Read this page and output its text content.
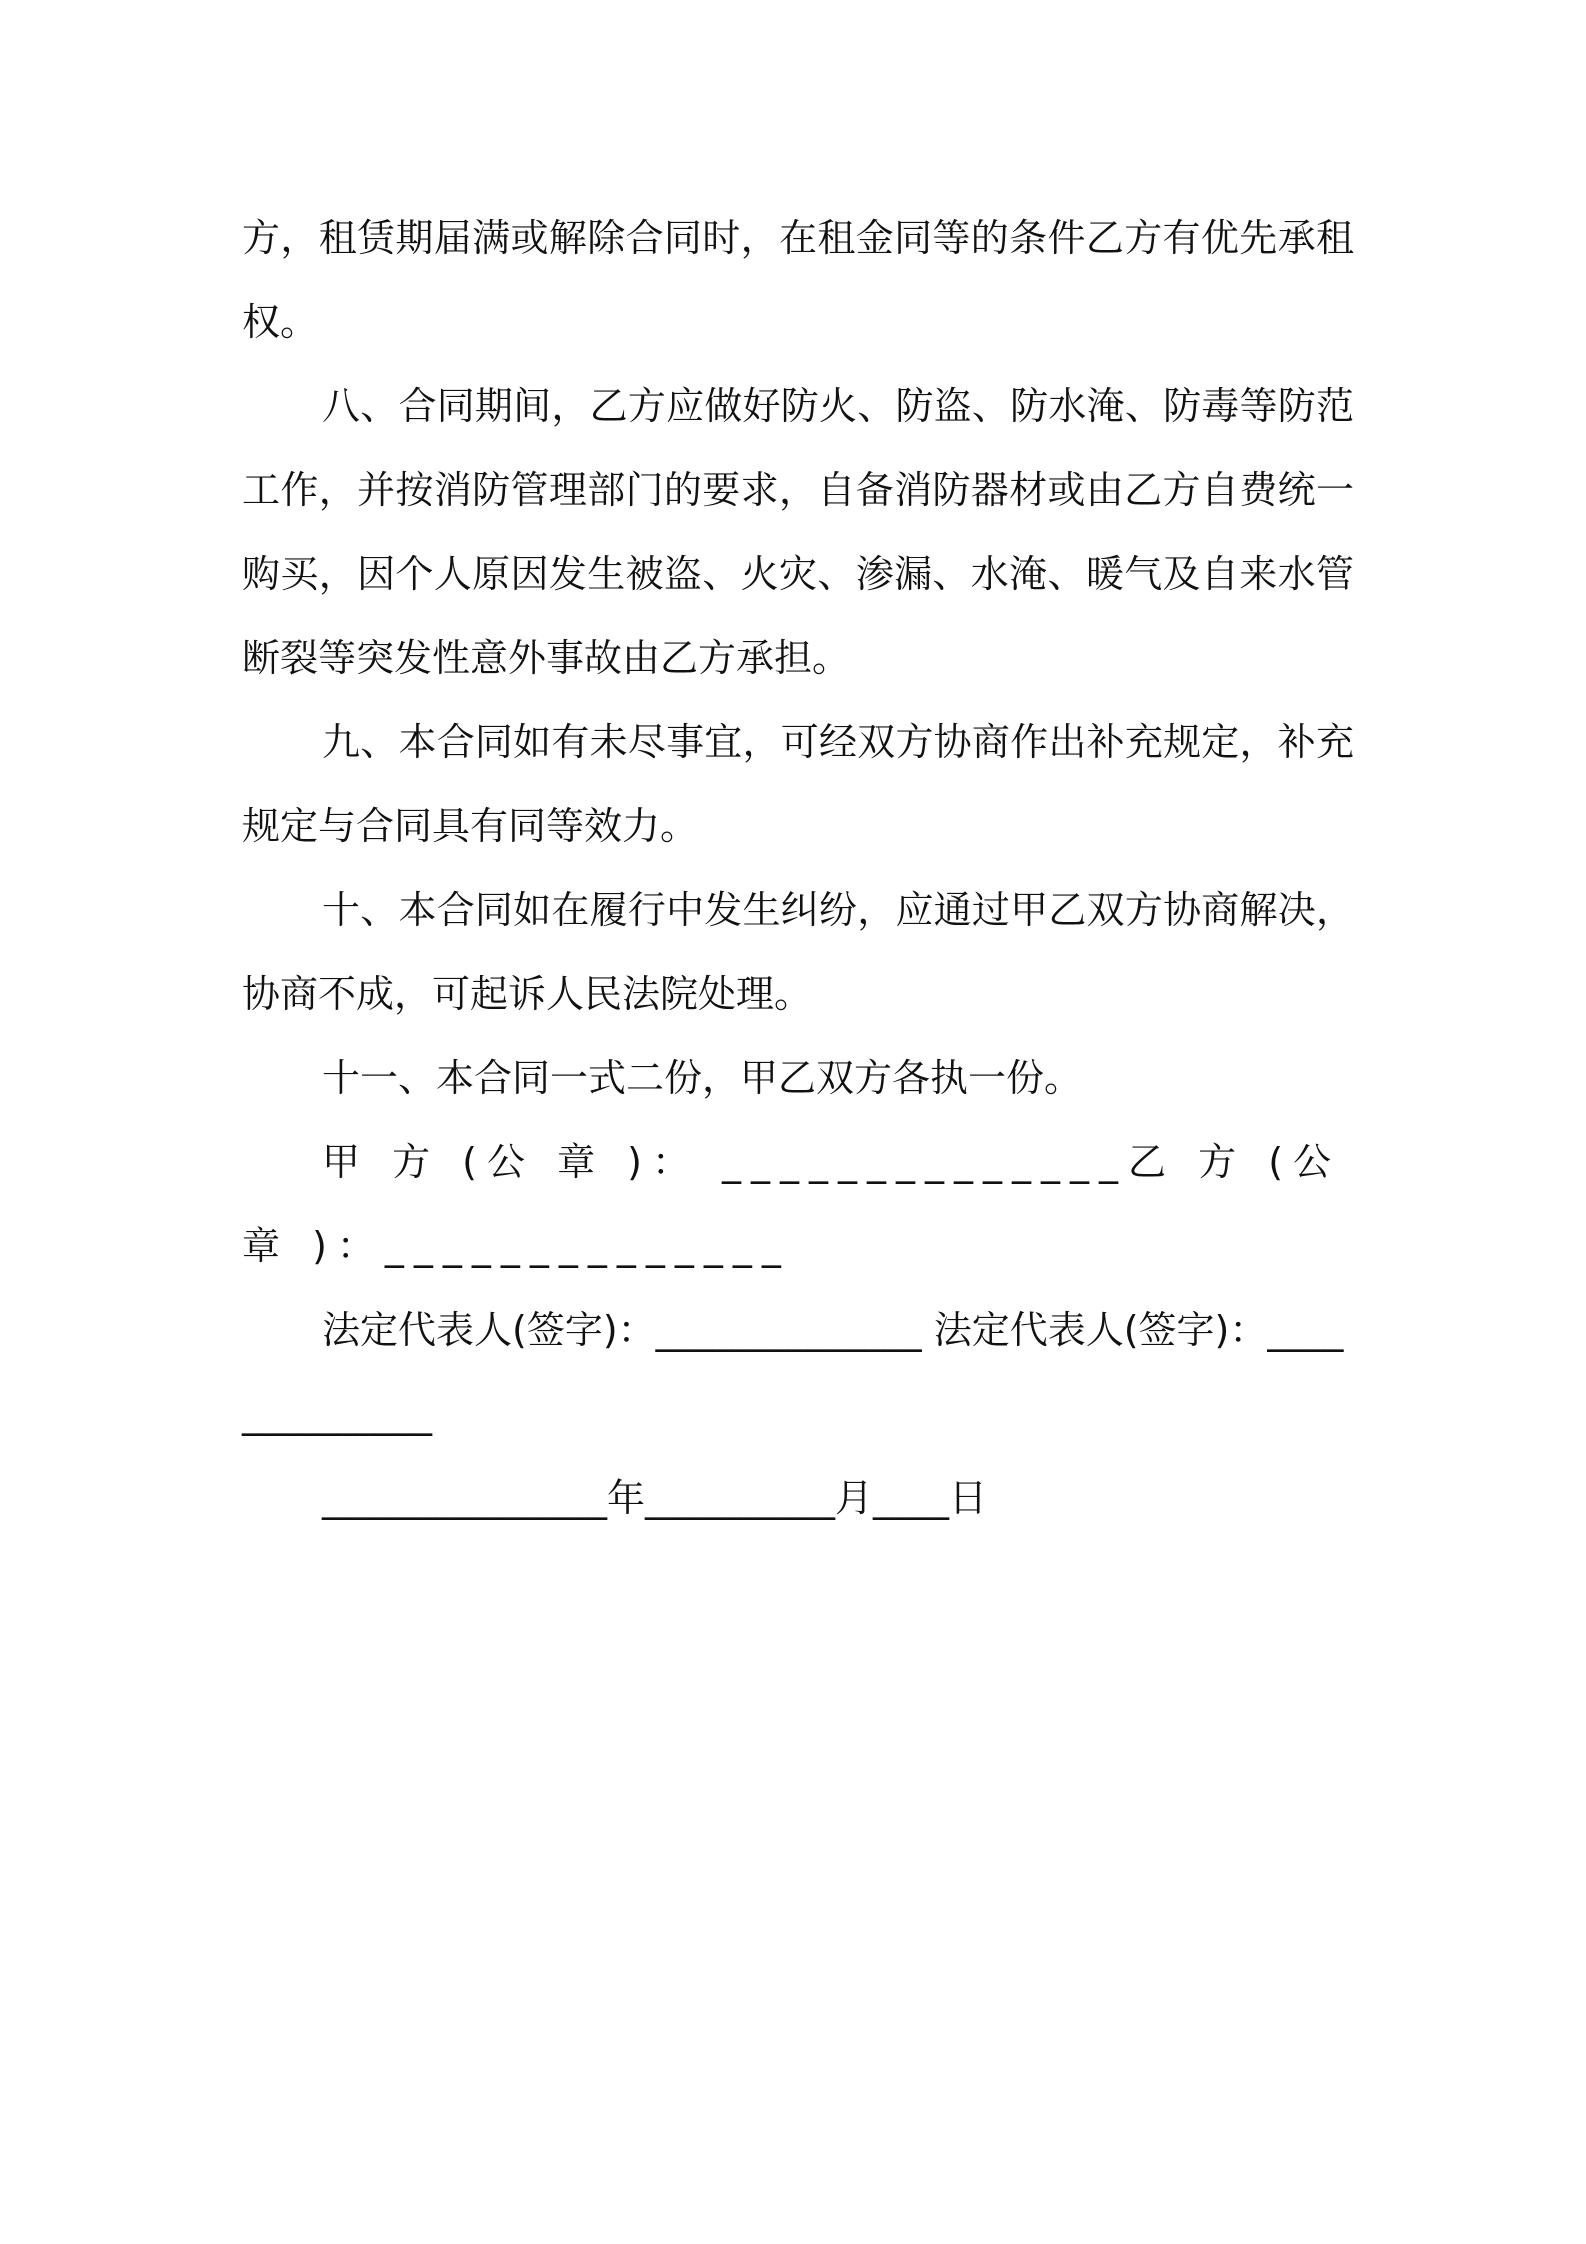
方，租赁期届满或解除合同时，在租金同等的条件乙方有优先承租权。

八、合同期间，乙方应做好防火、防盗、防水淹、防毒等防范工作，并按消防管理部门的要求，自备消防器材或由乙方自费统一购买，因个人原因发生被盗、火灾、渗漏、水淹、暖气及自来水管断裂等突发性意外事故由乙方承担。

九、本合同如有未尽事宜，可经双方协商作出补充规定，补充规定与合同具有同等效力。

十、本合同如在履行中发生纠纷，应通过甲乙双方协商解决，协商不成，可起诉人民法院处理。

十一、本合同一式二份，甲乙双方各执一份。

甲 方 (公 章 )： ______________乙 方 (公 章 )：______________

法定代表人(签字)：______________ 法定代表人(签字)：______________

_______________年__________月____日
